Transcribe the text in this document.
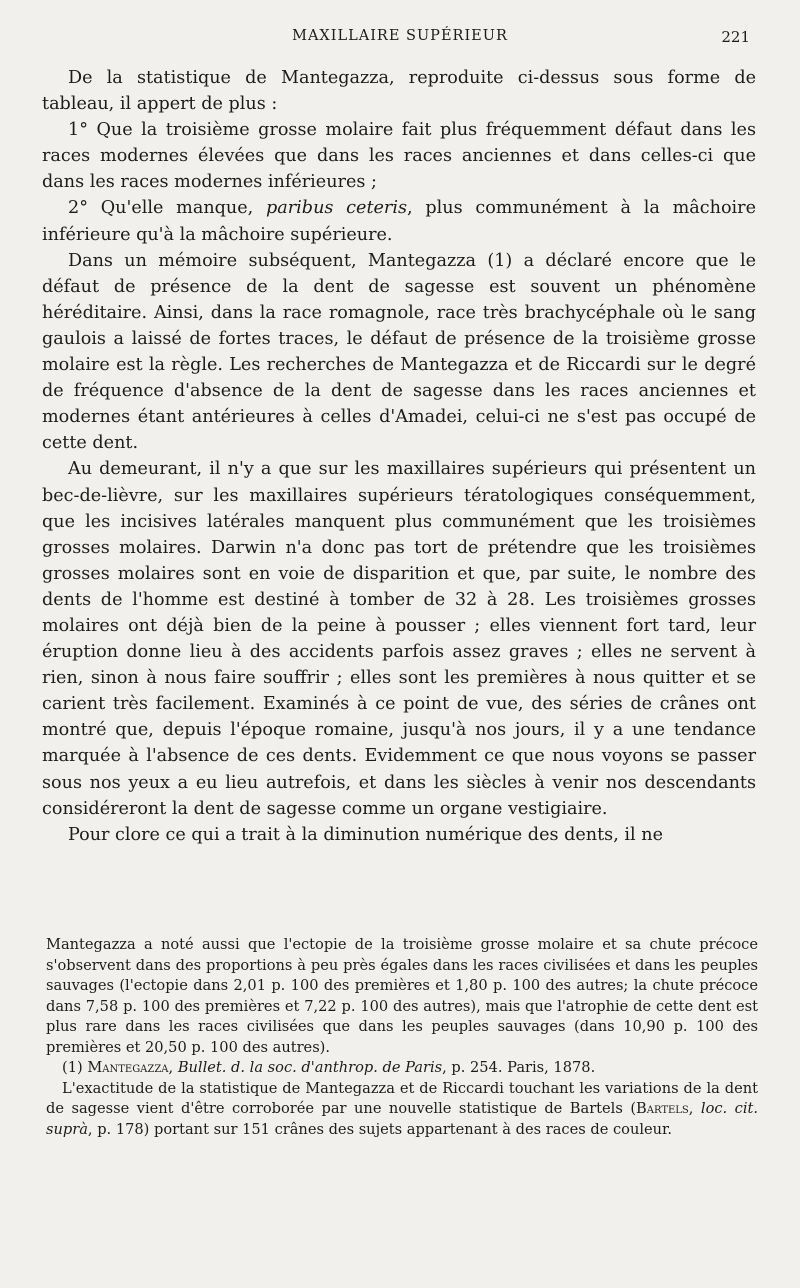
MAXILLAIRE SUPÉRIEUR	221

De la statistique de Mantegazza, reproduite ci-dessus sous forme de tableau, il appert de plus :

1° Que la troisième grosse molaire fait plus fréquemment défaut dans les races modernes élevées que dans les races anciennes et dans celles-ci que dans les races modernes inférieures ;

2° Qu'elle manque, paribus ceteris, plus communément à la mâchoire inférieure qu'à la mâchoire supérieure.

Dans un mémoire subséquent, Mantegazza (1) a déclaré encore que le défaut de présence de la dent de sagesse est souvent un phénomène héréditaire. Ainsi, dans la race romagnole, race très brachycéphale où le sang gaulois a laissé de fortes traces, le défaut de présence de la troisième grosse molaire est la règle. Les recherches de Mantegazza et de Riccardi sur le degré de fréquence d'absence de la dent de sagesse dans les races anciennes et modernes étant antérieures à celles d'Amadei, celui-ci ne s'est pas occupé de cette dent.

Au demeurant, il n'y a que sur les maxillaires supérieurs qui présentent un bec-de-lièvre, sur les maxillaires supérieurs tératologiques conséquemment, que les incisives latérales manquent plus communément que les troisièmes grosses molaires. Darwin n'a donc pas tort de prétendre que les troisièmes grosses molaires sont en voie de disparition et que, par suite, le nombre des dents de l'homme est destiné à tomber de 32 à 28. Les troisièmes grosses molaires ont déjà bien de la peine à pousser ; elles viennent fort tard, leur éruption donne lieu à des accidents parfois assez graves ; elles ne servent à rien, sinon à nous faire souffrir ; elles sont les premières à nous quitter et se carient très facilement. Examinés à ce point de vue, des séries de crânes ont montré que, depuis l'époque romaine, jusqu'à nos jours, il y a une tendance marquée à l'absence de ces dents. Evidemment ce que nous voyons se passer sous nos yeux a eu lieu autrefois, et dans les siècles à venir nos descendants considéreront la dent de sagesse comme un organe vestigiaire.

Pour clore ce qui a trait à la diminution numérique des dents, il ne

Mantegazza a noté aussi que l'ectopie de la troisième grosse molaire et sa chute précoce s'observent dans des proportions à peu près égales dans les races civilisées et dans les peuples sauvages (l'ectopie dans 2,01 p. 100 des premières et 1,80 p. 100 des autres; la chute précoce dans 7,58 p. 100 des premières et 7,22 p. 100 des autres), mais que l'atrophie de cette dent est plus rare dans les races civilisées que dans les peuples sauvages (dans 10,90 p. 100 des premières et 20,50 p. 100 des autres).

(1) Mantegazza, Bullet. d. la soc. d'anthrop. de Paris, p. 254. Paris, 1878.

L'exactitude de la statistique de Mantegazza et de Riccardi touchant les variations de la dent de sagesse vient d'être corroborée par une nouvelle statistique de Bartels (Bartels, loc. cit. suprà, p. 178) portant sur 151 crânes des sujets appartenant à des races de couleur.
